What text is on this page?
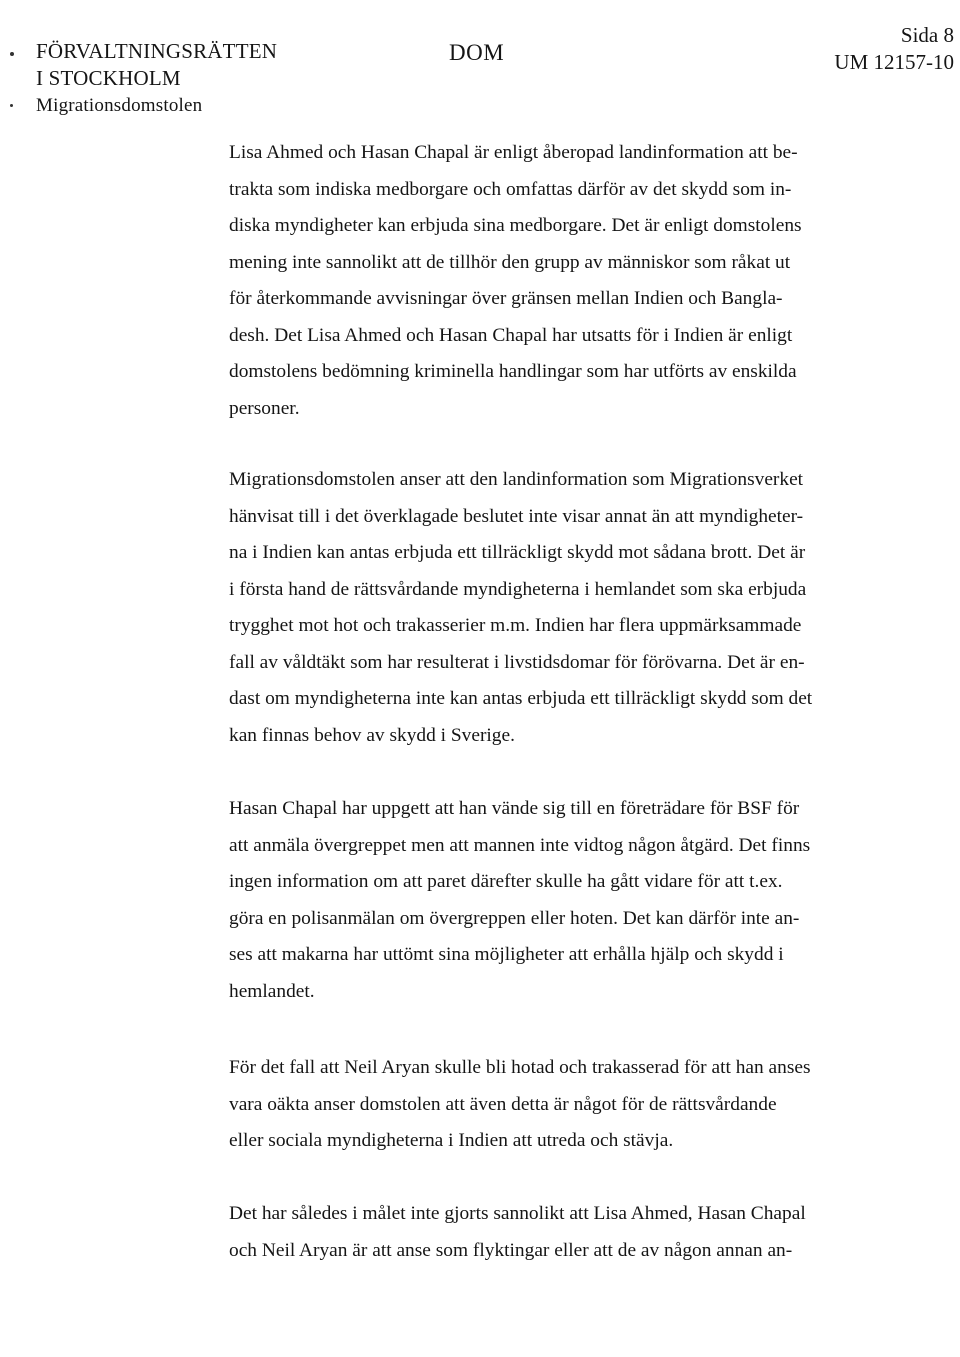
FÖRVALTNINGSRÄTTEN
I STOCKHOLM
Migrationsdomstolen
DOM
Sida 8
UM 12157-10
Lisa Ahmed och Hasan Chapal är enligt åberopad landinformation att be-
trakta som indiska medborgare och omfattas därför av det skydd som in-
diska myndigheter kan erbjuda sina medborgare. Det är enligt domstolens
mening inte sannolikt att de tillhör den grupp av människor som råkat ut
för återkommande avvisningar över gränsen mellan Indien och Bangla-
desh. Det Lisa Ahmed och Hasan Chapal har utsatts för i Indien är enligt
domstolens bedömning kriminella handlingar som har utförts av enskilda
personer.
Migrationsdomstolen anser att den landinformation som Migrationsverket
hänvisat till i det överklagade beslutet inte visar annat än att myndigheter-
na i Indien kan antas erbjuda ett tillräckligt skydd mot sådana brott. Det är
i första hand de rättsvårdande myndigheterna i hemlandet som ska erbjuda
trygghet mot hot och trakasserier m.m. Indien har flera uppmärksammade
fall av våldtäkt som har resulterat i livstidsdomar för förövarna. Det är en-
dast om myndigheterna inte kan antas erbjuda ett tillräckligt skydd som det
kan finnas behov av skydd i Sverige.
Hasan Chapal har uppgett att han vände sig till en företrädare för BSF för
att anmäla övergreppet men att mannen inte vidtog någon åtgärd. Det finns
ingen information om att paret därefter skulle ha gått vidare för att t.ex.
göra en polisanmälan om övergreppen eller hoten. Det kan därför inte an-
ses att makarna har uttömt sina möjligheter att erhålla hjälp och skydd i
hemlandet.
För det fall att Neil Aryan skulle bli hotad och trakasserad för att han anses
vara oäkta anser domstolen att även detta är något för de rättsvårdande
eller sociala myndigheterna i Indien att utreda och stävja.
Det har således i målet inte gjorts sannolikt att Lisa Ahmed, Hasan Chapal
och Neil Aryan är att anse som flyktingar eller att de av någon annan an-
